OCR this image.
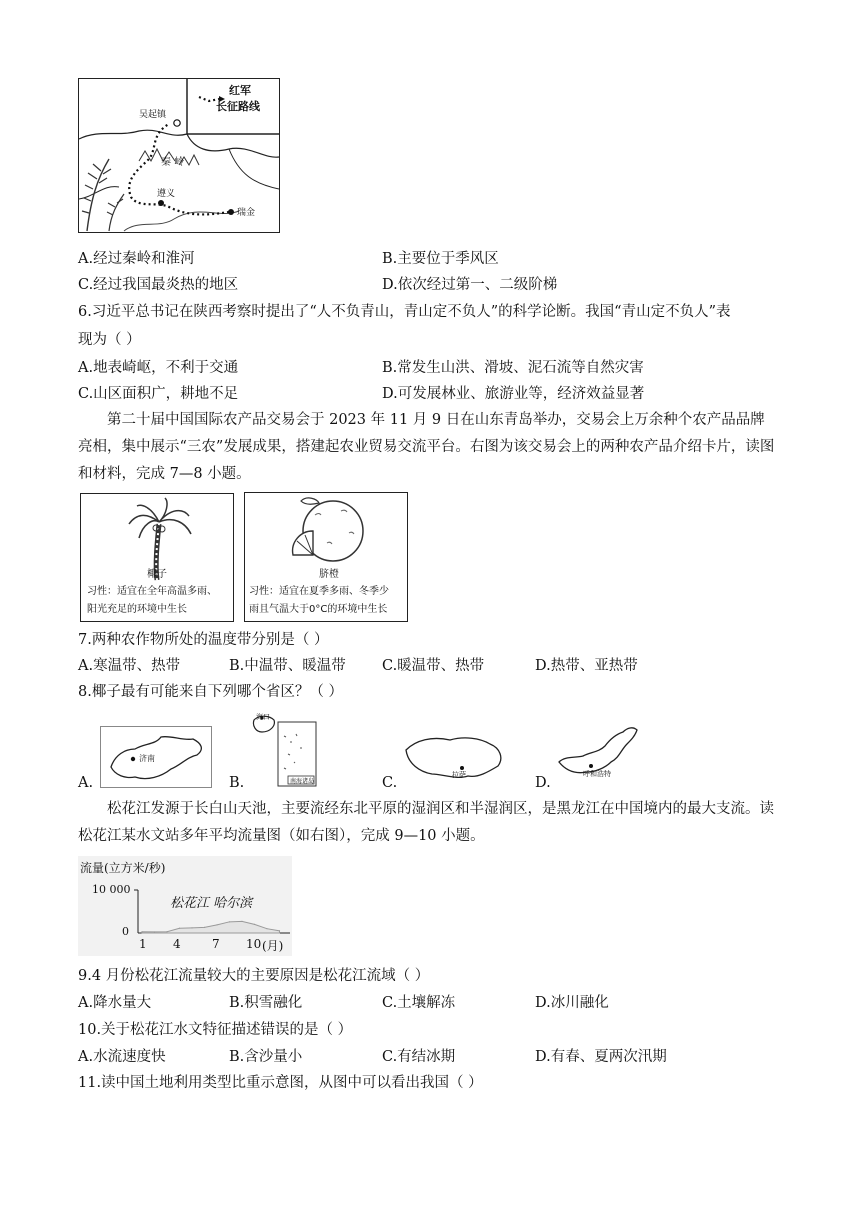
红军
长征路线
吴起镇
秦 岭
遵义
瑞金
A.经过秦岭和淮河	B.主要位于季风区
C.经过我国最炎热的地区	D.依次经过第一、二级阶梯
6.习近平总书记在陕西考察时提出了“人不负青山，青山定不负人”的科学论断。我国“青山定不负人”表
现为（ ）
A.地表崎岖，不利于交通	B.常发生山洪、滑坡、泥石流等自然灾害
C.山区面积广，耕地不足	D.可发展林业、旅游业等，经济效益显著
第二十届中国国际农产品交易会于 2023 年 11 月 9 日在山东青岛举办，交易会上万余种个农产品品牌亮相，集中展示“三农”发展成果，搭建起农业贸易交流平台。右图为该交易会上的两种农产品介绍卡片，读图和材料，完成 7—8 小题。
椰子
习性：适宜在全年高温多雨、
阳光充足的环境中生长
脐橙
习性：适宜在夏季多雨、冬季少
雨且气温大于0°C的环境中生长
7.两种农作物所处的温度带分别是（ ）
A.寒温带、热带	B.中温带、暖温带 C.暖温带、热带	D.热带、亚热带
8.椰子最有可能来自下列哪个省区？（ ）
A.
济南
B.
海口
南海诸岛	C.	拉萨	D.
呼和浩特
松花江发源于长白山天池，主要流经东北平原的湿润区和半湿润区，是黑龙江在中国境内的最大支流。读松花江某水文站多年平均流量图（如右图），完成 9—10 小题。
流量(立方米/秒)
10 000
0
松花江 哈尔滨
1 4	7 10 (月)
9.4 月份松花江流量较大的主要原因是松花江流域（ ）
A.降水量大	B.积雪融化	C.土壤解冻	D.冰川融化
10.关于松花江水文特征描述错误的是（ ）
A.水流速度快	B.含沙量小	C.有结冰期	D.有春、夏两次汛期
11.读中国土地利用类型比重示意图，从图中可以看出我国（ ）
